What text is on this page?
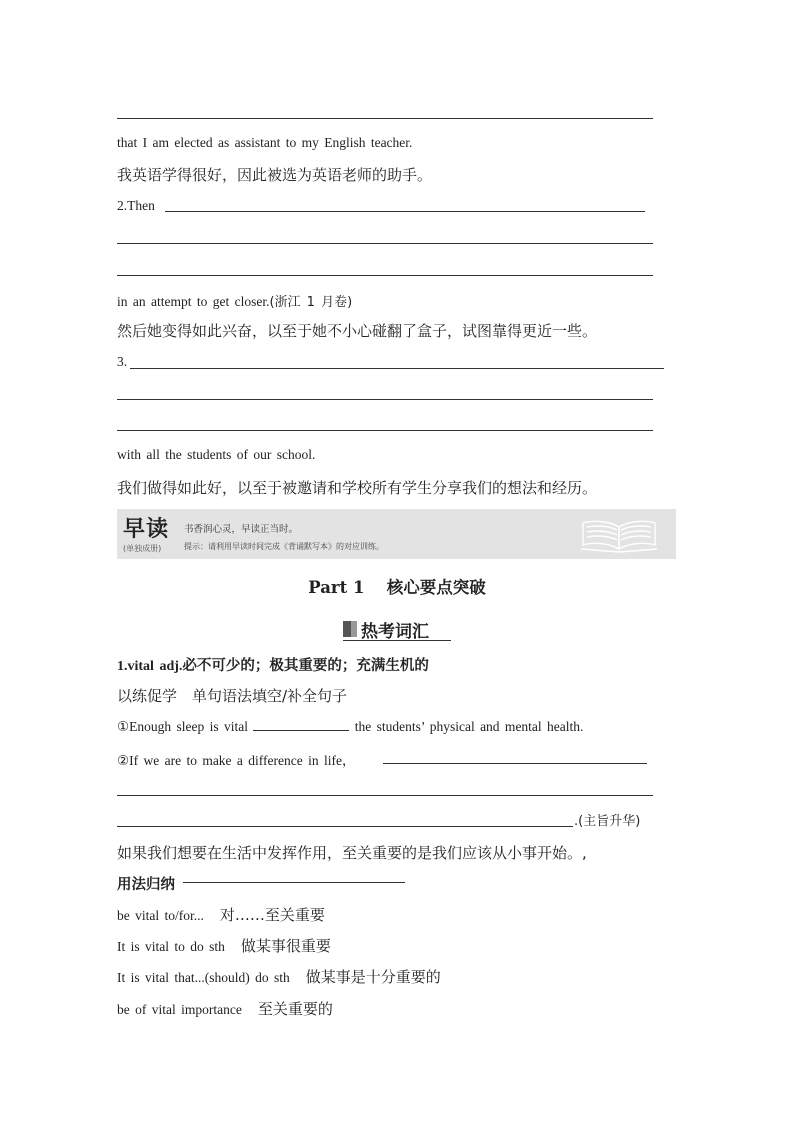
that I am elected as assistant to my English teacher.
我英语学得很好，因此被选为英语老师的助手。
2.Then
in an attempt to get closer.(浙江 1 月卷)
然后她变得如此兴奋，以至于她不小心碰翻了盒子，试图靠得更近一些。
3.
with all the students of our school.
我们做得如此好，以至于被邀请和学校所有学生分享我们的想法和经历。
早读
(单独成册)
书香润心灵，早读正当时。
提示：请利用早读时间完成《背诵默写本》的对应训练。
Part 1　 核心要点突破
热考词汇
1.vital adj.必不可少的；极其重要的；充满生机的
以练促学　单句语法填空/补全句子
①Enough sleep is vital	the students’ physical and mental health.
②If we are to make a difference in life，
.(主旨升华)
如果我们想要在生活中发挥作用，至关重要的是我们应该从小事开始。,
用法归纳
be vital to/for... 对……至关重要
It is vital to do sth 做某事很重要
It is vital that...(should) do sth 做某事是十分重要的
be of vital importance 至关重要的
